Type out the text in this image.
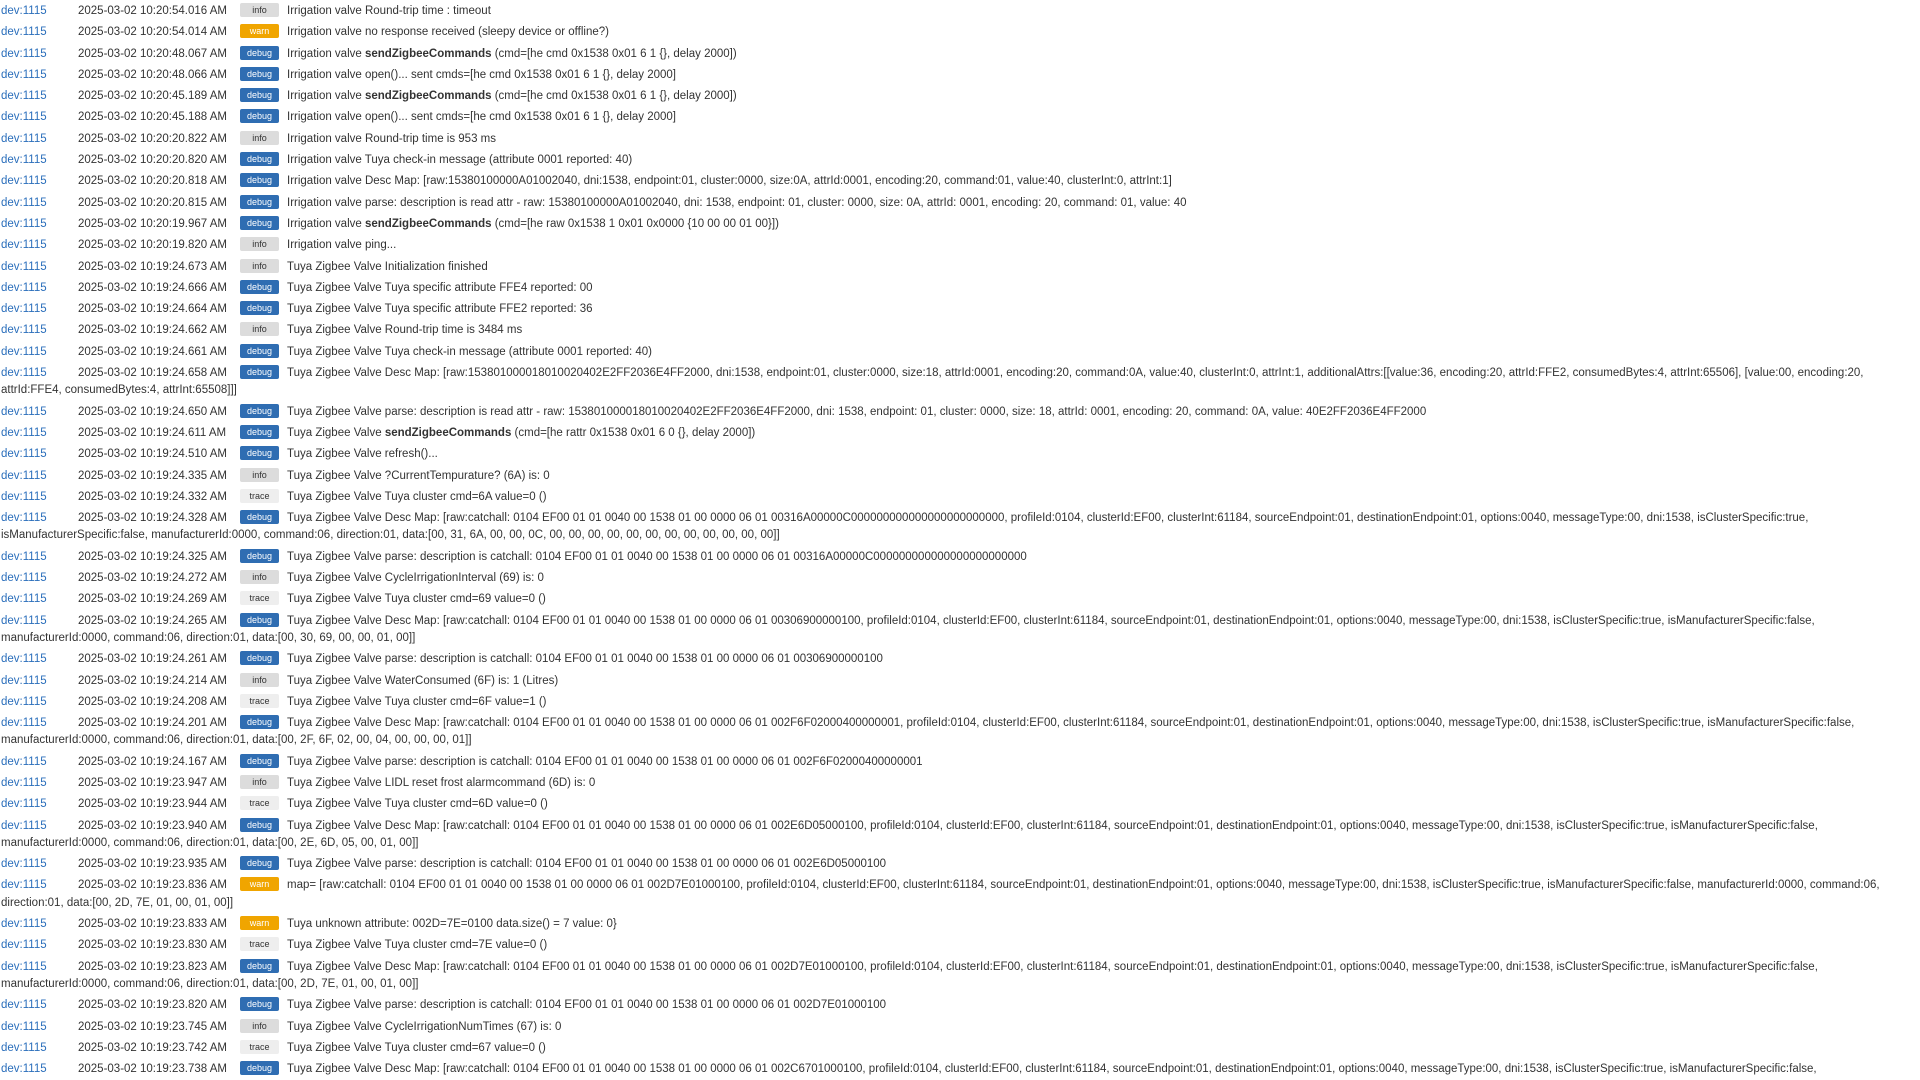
dev:1115	2025-03-02 10:20:54.016 AM	info Irrigation valve Round-trip time : timeout
dev:1115	2025-03-02 10:20:54.014 AM	warn Irrigation valve no response received (sleepy device or offline?)
dev:1115	2025-03-02 10:20:48.067 AM debug Irrigation valve sendZigbeeCommands (cmd=[he cmd 0x1538 0x01 6 1 {}, delay 2000])
dev:1115	2025-03-02 10:20:48.066 AM debug Irrigation valve open()... sent cmds=[he cmd 0x1538 0x01 6 1 {}, delay 2000]
dev:1115	2025-03-02 10:20:45.189 AM debug Irrigation valve sendZigbeeCommands (cmd=[he cmd 0x1538 0x01 6 1 {}, delay 2000])
dev:1115	2025-03-02 10:20:45.188 AM debug Irrigation valve open()... sent cmds=[he cmd 0x1538 0x01 6 1 {}, delay 2000]
dev:1115	2025-03-02 10:20:20.822 AM	info Irrigation valve Round-trip time is 953 ms
dev:1115	2025-03-02 10:20:20.820 AM debug Irrigation valve Tuya check-in message (attribute 0001 reported: 40)
dev:1115	2025-03-02 10:20:20.818 AM debug Irrigation valve Desc Map: [raw:15380100000A01002040, dni:1538, endpoint:01, cluster:0000, size:0A, attrId:0001, encoding:20, command:01, value:40, clusterInt:0, attrInt:1]
dev:1115	2025-03-02 10:20:20.815 AM debug Irrigation valve parse: description is read attr - raw: 15380100000A01002040, dni: 1538, endpoint: 01, cluster: 0000, size: 0A, attrId: 0001, encoding: 20, command: 01, value: 40
dev:1115	2025-03-02 10:20:19.967 AM debug Irrigation valve sendZigbeeCommands (cmd=[he raw 0x1538 1 0x01 0x0000 {10 00 00 01 00}])
dev:1115	2025-03-02 10:20:19.820 AM	info Irrigation valve ping...
dev:1115	2025-03-02 10:19:24.673 AM	info Tuya Zigbee Valve Initialization finished
dev:1115	2025-03-02 10:19:24.666 AM debug Tuya Zigbee Valve Tuya specific attribute FFE4 reported: 00
dev:1115	2025-03-02 10:19:24.664 AM debug Tuya Zigbee Valve Tuya specific attribute FFE2 reported: 36
dev:1115	2025-03-02 10:19:24.662 AM	info Tuya Zigbee Valve Round-trip time is 3484 ms
dev:1115	2025-03-02 10:19:24.661 AM debug Tuya Zigbee Valve Tuya check-in message (attribute 0001 reported: 40)
dev:1115	2025-03-02 10:19:24.658 AM debug Tuya Zigbee Valve Desc Map: [raw:153801000018010020402E2FF2036E4FF2000, dni:1538, endpoint:01, cluster:0000, size:18, attrId:0001, encoding:20, command:0A, value:40, clusterInt:0, attrInt:1, additionalAttrs:[[value:36, encoding:20, attrId:FFE2, consumedBytes:4, attrInt:65506], [value:00, encoding:20, attrId:FFE4, consumedBytes:4, attrInt:65508]]]
dev:1115	2025-03-02 10:19:24.650 AM debug Tuya Zigbee Valve parse: description is read attr - raw: 153801000018010020402E2FF2036E4FF2000, dni: 1538, endpoint: 01, cluster: 0000, size: 18, attrId: 0001, encoding: 20, command: 0A, value: 40E2FF2036E4FF2000
dev:1115	2025-03-02 10:19:24.611 AM debug Tuya Zigbee Valve sendZigbeeCommands (cmd=[he rattr 0x1538 0x01 6 0 {}, delay 2000])
dev:1115	2025-03-02 10:19:24.510 AM debug Tuya Zigbee Valve refresh()...
dev:1115	2025-03-02 10:19:24.335 AM	info Tuya Zigbee Valve ?CurrentTempurature? (6A) is: 0
dev:1115	2025-03-02 10:19:24.332 AM	trace Tuya Zigbee Valve Tuya cluster cmd=6A value=0 ()
dev:1115	2025-03-02 10:19:24.328 AM debug Tuya Zigbee Valve Desc Map: [raw:catchall: 0104 EF00 01 01 0040 00 1538 01 00 0000 06 01 00316A00000C000000000000000000000000, profileId:0104, clusterId:EF00, clusterInt:61184, sourceEndpoint:01, destinationEndpoint:01, options:0040, messageType:00, dni:1538, isClusterSpecific:true, isManufacturerSpecific:false, manufacturerId:0000, command:06, direction:01, data:[00, 31, 6A, 00, 00, 0C, 00, 00, 00, 00, 00, 00, 00, 00, 00, 00, 00, 00]]
dev:1115	2025-03-02 10:19:24.325 AM debug Tuya Zigbee Valve parse: description is catchall: 0104 EF00 01 01 0040 00 1538 01 00 0000 06 01 00316A00000C000000000000000000000000
dev:1115	2025-03-02 10:19:24.272 AM	info Tuya Zigbee Valve CycleIrrigationInterval (69) is: 0
dev:1115	2025-03-02 10:19:24.269 AM	trace Tuya Zigbee Valve Tuya cluster cmd=69 value=0 ()
dev:1115	2025-03-02 10:19:24.265 AM debug Tuya Zigbee Valve Desc Map: [raw:catchall: 0104 EF00 01 01 0040 00 1538 01 00 0000 06 01 00306900000100, profileId:0104, clusterId:EF00, clusterInt:61184, sourceEndpoint:01, destinationEndpoint:01, options:0040, messageType:00, dni:1538, isClusterSpecific:true, isManufacturerSpecific:false, manufacturerId:0000, command:06, direction:01, data:[00, 30, 69, 00, 00, 01, 00]]
dev:1115	2025-03-02 10:19:24.261 AM debug Tuya Zigbee Valve parse: description is catchall: 0104 EF00 01 01 0040 00 1538 01 00 0000 06 01 00306900000100
dev:1115	2025-03-02 10:19:24.214 AM	info Tuya Zigbee Valve WaterConsumed (6F) is: 1 (Litres)
dev:1115	2025-03-02 10:19:24.208 AM	trace Tuya Zigbee Valve Tuya cluster cmd=6F value=1 ()
dev:1115	2025-03-02 10:19:24.201 AM debug Tuya Zigbee Valve Desc Map: [raw:catchall: 0104 EF00 01 01 0040 00 1538 01 00 0000 06 01 002F6F02000400000001, profileId:0104, clusterId:EF00, clusterInt:61184, sourceEndpoint:01, destinationEndpoint:01, options:0040, messageType:00, dni:1538, isClusterSpecific:true, isManufacturerSpecific:false, manufacturerId:0000, command:06, direction:01, data:[00, 2F, 6F, 02, 00, 04, 00, 00, 00, 01]]
dev:1115	2025-03-02 10:19:24.167 AM debug Tuya Zigbee Valve parse: description is catchall: 0104 EF00 01 01 0040 00 1538 01 00 0000 06 01 002F6F02000400000001
dev:1115	2025-03-02 10:19:23.947 AM	info Tuya Zigbee Valve LIDL reset frost alarmcommand (6D) is: 0
dev:1115	2025-03-02 10:19:23.944 AM	trace Tuya Zigbee Valve Tuya cluster cmd=6D value=0 ()
dev:1115	2025-03-02 10:19:23.940 AM debug Tuya Zigbee Valve Desc Map: [raw:catchall: 0104 EF00 01 01 0040 00 1538 01 00 0000 06 01 002E6D05000100, profileId:0104, clusterId:EF00, clusterInt:61184, sourceEndpoint:01, destinationEndpoint:01, options:0040, messageType:00, dni:1538, isClusterSpecific:true, isManufacturerSpecific:false, manufacturerId:0000, command:06, direction:01, data:[00, 2E, 6D, 05, 00, 01, 00]]
dev:1115	2025-03-02 10:19:23.935 AM debug Tuya Zigbee Valve parse: description is catchall: 0104 EF00 01 01 0040 00 1538 01 00 0000 06 01 002E6D05000100
dev:1115	2025-03-02 10:19:23.836 AM	warn map= [raw:catchall: 0104 EF00 01 01 0040 00 1538 01 00 0000 06 01 002D7E01000100, profileId:0104, clusterId:EF00, clusterInt:61184, sourceEndpoint:01, destinationEndpoint:01, options:0040, messageType:00, dni:1538, isClusterSpecific:true, isManufacturerSpecific:false, manufacturerId:0000, command:06, direction:01, data:[00, 2D, 7E, 01, 00, 01, 00]]
dev:1115	2025-03-02 10:19:23.833 AM	warn Tuya unknown attribute: 002D=7E=0100 data.size() = 7 value: 0}
dev:1115	2025-03-02 10:19:23.830 AM	trace Tuya Zigbee Valve Tuya cluster cmd=7E value=0 ()
dev:1115	2025-03-02 10:19:23.823 AM debug Tuya Zigbee Valve Desc Map: [raw:catchall: 0104 EF00 01 01 0040 00 1538 01 00 0000 06 01 002D7E01000100, profileId:0104, clusterId:EF00, clusterInt:61184, sourceEndpoint:01, destinationEndpoint:01, options:0040, messageType:00, dni:1538, isClusterSpecific:true, isManufacturerSpecific:false, manufacturerId:0000, command:06, direction:01, data:[00, 2D, 7E, 01, 00, 01, 00]]
dev:1115	2025-03-02 10:19:23.820 AM debug Tuya Zigbee Valve parse: description is catchall: 0104 EF00 01 01 0040 00 1538 01 00 0000 06 01 002D7E01000100
dev:1115	2025-03-02 10:19:23.745 AM	info Tuya Zigbee Valve CycleIrrigationNumTimes (67) is: 0
dev:1115	2025-03-02 10:19:23.742 AM	trace Tuya Zigbee Valve Tuya cluster cmd=67 value=0 ()
dev:1115	2025-03-02 10:19:23.738 AM debug Tuya Zigbee Valve Desc Map: [raw:catchall: 0104 EF00 01 01 0040 00 1538 01 00 0000 06 01 002C6701000100, profileId:0104, clusterId:EF00, clusterInt:61184, sourceEndpoint:01, destinationEndpoint:01, options:0040, messageType:00, dni:1538, isClusterSpecific:true, isManufacturerSpecific:false,
